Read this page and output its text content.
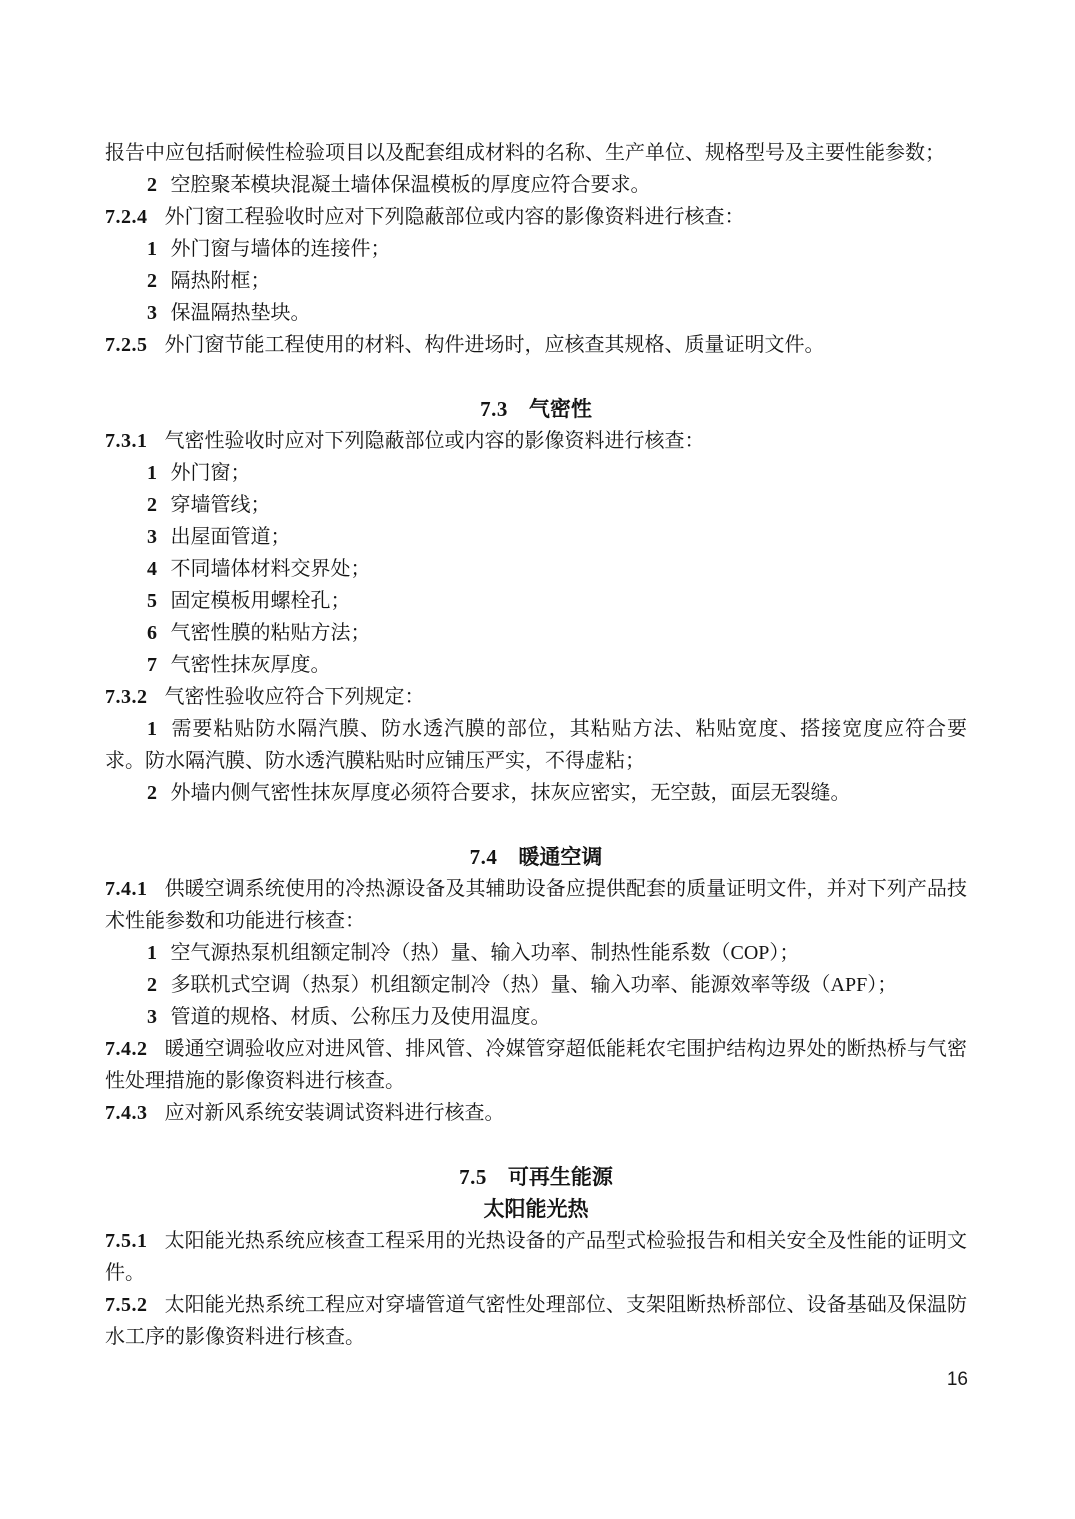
报告中应包括耐候性检验项目以及配套组成材料的名称、生产单位、规格型号及主要性能参数；

2 空腔聚苯模块混凝土墙体保温模板的厚度应符合要求。

7.2.4 外门窗工程验收时应对下列隐蔽部位或内容的影像资料进行核查：

1 外门窗与墙体的连接件；

2 隔热附框；

3 保温隔热垫块。

7.2.5 外门窗节能工程使用的材料、构件进场时，应核查其规格、质量证明文件。

7.3 气密性

7.3.1 气密性验收时应对下列隐蔽部位或内容的影像资料进行核查：

1 外门窗；

2 穿墙管线；

3 出屋面管道；

4 不同墙体材料交界处；

5 固定模板用螺栓孔；

6 气密性膜的粘贴方法；

7 气密性抹灰厚度。

7.3.2 气密性验收应符合下列规定：

1 需要粘贴防水隔汽膜、防水透汽膜的部位，其粘贴方法、粘贴宽度、搭接宽度应符合要求。防水隔汽膜、防水透汽膜粘贴时应铺压严实，不得虚粘；

2 外墙内侧气密性抹灰厚度必须符合要求，抹灰应密实，无空鼓，面层无裂缝。

7.4 暖通空调

7.4.1 供暖空调系统使用的冷热源设备及其辅助设备应提供配套的质量证明文件，并对下列产品技术性能参数和功能进行核查：

1 空气源热泵机组额定制冷（热）量、输入功率、制热性能系数（COP）；

2 多联机式空调（热泵）机组额定制冷（热）量、输入功率、能源效率等级（APF）；

3 管道的规格、材质、公称压力及使用温度。

7.4.2 暖通空调验收应对进风管、排风管、冷媒管穿超低能耗农宅围护结构边界处的断热桥与气密性处理措施的影像资料进行核查。

7.4.3 应对新风系统安装调试资料进行核查。

7.5 可再生能源
太阳能光热

7.5.1 太阳能光热系统应核查工程采用的光热设备的产品型式检验报告和相关安全及性能的证明文件。

7.5.2 太阳能光热系统工程应对穿墙管道气密性处理部位、支架阻断热桥部位、设备基础及保温防水工序的影像资料进行核查。

16
